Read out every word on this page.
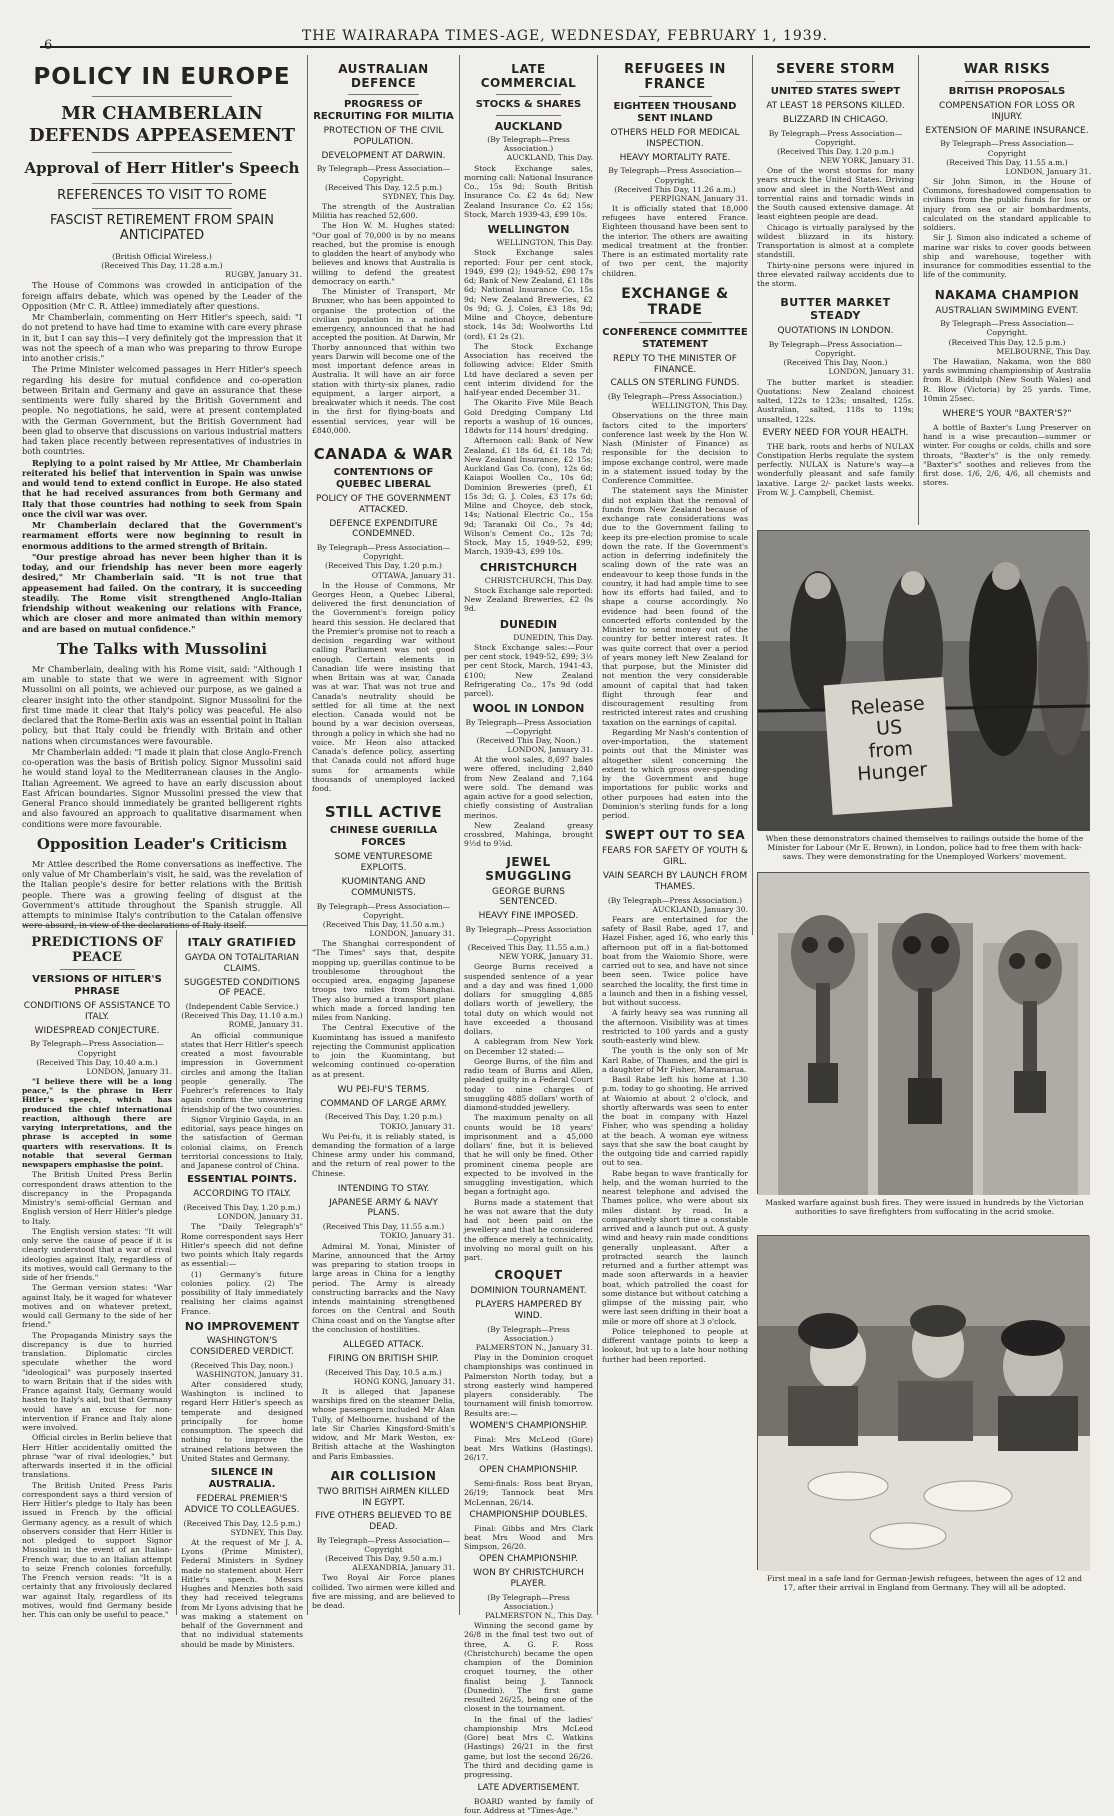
6
THE WAIRARAPA TIMES-AGE, WEDNESDAY, FEBRUARY 1, 1939.
POLICY IN EUROPE
MR CHAMBERLAIN DEFENDS APPEASEMENT
Approval of Herr Hitler's Speech
REFERENCES TO VISIT TO ROME
FASCIST RETIREMENT FROM SPAIN ANTICIPATED
(British Official Wireless.)
(Received This Day, 11.28 a.m.)
RUGBY, January 31.

The House of Commons was crowded in anticipation of the foreign affairs debate, which was opened by the Leader of the Opposition (Mr C. R. Attlee) immediately after questions.

Mr Chamberlain, commenting on Herr Hitler's speech, said: "I do not pretend to have had time to examine with care every phrase in it, but I can say this—I very definitely got the impression that it was not the speech of a man who was preparing to throw Europe into another crisis."

The Prime Minister welcomed passages in Herr Hitler's speech regarding his desire for mutual confidence and co-operation between Britain and Germany and gave an assurance that these sentiments were fully shared by the British Government and people. No negotiations, he said, were at present contemplated with the German Government, but the British Government had been glad to observe that discussions on various industrial matters had taken place recently between representatives of industries in both countries.

Replying to a point raised by Mr Attlee, Mr Chamberlain reiterated his belief that intervention in Spain was unwise and would tend to extend conflict in Europe. He also stated that he had received assurances from both Germany and Italy that those countries had nothing to seek from Spain once the civil war was over.

Mr Chamberlain declared that the Government's rearmament efforts were now beginning to result in enormous additions to the armed strength of Britain.

"Our prestige abroad has never been higher than it is today, and our friendship has never been more eagerly desired," Mr Chamberlain said. "It is not true that appeasement had failed. On the contrary, it is succeeding steadily. The Rome visit strengthened Anglo-Italian friendship without weakening our relations with France, which are closer and more animated than within memory and are based on mutual confidence."

The Talks with Mussolini

Mr Chamberlain, dealing with his Rome visit, said: "Although I am unable to state that we were in agreement with Signor Mussolini on all points, we achieved our purpose, as we gained a clearer insight into the other standpoint. Signor Mussolini for the first time made it clear that Italy's policy was peaceful. He also declared that the Rome-Berlin axis was an essential point in Italian policy, but that Italy could be friendly with Britain and other nations when circumstances were favourable.

Mr Chamberlain added: "I made it plain that close Anglo-French co-operation was the basis of British policy. Signor Mussolini said he would stand loyal to the Mediterranean clauses in the Anglo-Italian Agreement. We agreed to have an early discussion about East African boundaries. Signor Mussolini pressed the view that General Franco should immediately be granted belligerent rights and also favoured an approach to qualitative disarmament when conditions were more favourable.

Opposition Leader's Criticism

Mr Attlee described the Rome conversations as ineffective. The only value of Mr Chamberlain's visit, he said, was the revelation of the Italian people's desire for better relations with the British people. There was a growing feeling of disgust at the Government's attitude throughout the Spanish struggle. All attempts to minimise Italy's contribution to the Catalan offensive were absurd, in view of the declarations of Italy itself.

PREDICTIONS OF PEACE
VERSIONS OF HITLER'S PHRASE
CONDITIONS OF ASSISTANCE TO ITALY.
WIDESPREAD CONJECTURE.
By Telegraph—Press Association—Copyright
(Received This Day, 10.40 a.m.)
LONDON, January 31.

"I believe there will be a long peace," is the phrase in Herr Hitler's speech, which has produced the chief international reaction, although there are varying interpretations, and the phrase is accepted in some quarters with reservations. It is notable that several German newspapers emphasise the point.

The British United Press Berlin correspondent draws attention to the discrepancy in the Propaganda Ministry's semi-official German and English version of Herr Hitler's pledge to Italy.

The English version states: "It will only serve the cause of peace if it is clearly understood that a war of rival ideologies against Italy, regardless of its motives, would call Germany to the side of her friends."

The German version states: "War against Italy, be it waged for whatever motives and on whatever pretext, would call Germany to the side of her friend."

The Propaganda Ministry says the discrepancy is due to hurried translation. Diplomatic circles speculate whether the word "ideological" was purposely inserted to warn Britain that if the sides with France against Italy, Germany would hasten to Italy's aid, but that Germany would have an excuse for non-intervention if France and Italy alone were involved.

Official circles in Berlin believe that Herr Hitler accidentally omitted the phrase "war of rival ideologies," but afterwards inserted it in the official translations.

The British United Press Paris correspondent says a third version of Herr Hitler's pledge to Italy has been issued in French by the official Germany agency, as a result of which observers consider that Herr Hitler is not pledged to support Signor Mussolini in the event of an Italian-French war, due to an Italian attempt to seize French colonies forcefully. The French version reads: "It is a certainty that any frivolously declared war against Italy, regardless of its motives, would find Germany beside her. This can only be useful to peace."

ITALY GRATIFIED
GAYDA ON TOTALITARIAN CLAIMS.
SUGGESTED CONDITIONS OF PEACE.
(Independent Cable Service.)
(Received This Day, 11.10 a.m.)
ROME, January 31.

An official communique states that Herr Hitler's speech created a most favourable impression in Government circles and among the Italian people generally. The Fuehrer's references to Italy again confirm the unwavering friendship of the two countries.

Signor Virginio Gayda, in an editorial, says peace hinges on the satisfaction of German colonial claims, on French territorial concessions to Italy, and Japanese control of China.

ESSENTIAL POINTS.
ACCORDING TO ITALY.
(Received This Day, 1.20 p.m.)
LONDON, January 31.

The "Daily Telegraph's" Rome correspondent says Herr Hitler's speech did not define two points which Italy regards as essential:—

(1) Germany's future colonies policy. (2) The possibility of Italy immediately realising her claims against France.

NO IMPROVEMENT
WASHINGTON'S CONSIDERED VERDICT.
(Received This Day, noon.)
WASHINGTON, January 31.

After considered study, Washington is inclined to regard Herr Hitler's speech as temperate and designed principally for home consumption. The speech did nothing to improve the strained relations between the United States and Germany.

SILENCE IN AUSTRALIA.
FEDERAL PREMIER'S ADVICE TO COLLEAGUES.
(Received This Day, 12.5 p.m.)
SYDNEY, This Day.

At the request of Mr J. A. Lyons (Prime Minister), Federal Ministers in Sydney made no statement about Herr Hitler's speech. Messrs Hughes and Menzies both said they had received telegrams from Mr Lyons advising that he was making a statement on behalf of the Government and that no individual statements should be made by Ministers.

AUSTRALIAN DEFENCE
PROGRESS OF RECRUITING FOR MILITIA
PROTECTION OF THE CIVIL POPULATION.
DEVELOPMENT AT DARWIN.
By Telegraph—Press Association—Copyright.
(Received This Day, 12.5 p.m.)
SYDNEY, This Day.

The strength of the Australian Militia has reached 52,600.

The Hon W. M. Hughes stated: "Our goal of 70,000 is by no means reached, but the promise is enough to gladden the heart of anybody who believes and knows that Australia is willing to defend the greatest democracy on earth."

The Minister of Transport, Mr Bruxner, who has been appointed to organise the protection of the civilian population in a national emergency, announced that he had accepted the position. At Darwin, Mr Thorby announced that within two years Darwin will become one of the most important defence areas in Australia. It will have an air force station with thirty-six planes, radio equipment, a larger airport, a breakwater which it needs. The cost in the first for flying-boats and essential services, year will be £840,000.

CANADA & WAR
CONTENTIONS OF QUEBEC LIBERAL
POLICY OF THE GOVERNMENT ATTACKED.
DEFENCE EXPENDITURE CONDEMNED.
By Telegraph—Press Association—Copyright.
(Received This Day, 1.20 p.m.)
OTTAWA, January 31.

In the House of Commons, Mr Georges Heon, a Quebec Liberal, delivered the first denunciation of the Government's foreign policy heard this session. He declared that the Premier's promise not to reach a decision regarding war without calling Parliament was not good enough. Certain elements in Canadian life were insisting that when Britain was at war, Canada was at war. That was not true and Canada's neutrality should be settled for all time at the next election. Canada would not be bound by a war decision overseas, through a policy in which she had no voice. Mr Heon also attacked Canada's defence policy, asserting that Canada could not afford huge sums for armaments while thousands of unemployed lacked food.

STILL ACTIVE
CHINESE GUERILLA FORCES
SOME VENTURESOME EXPLOITS.
KUOMINTANG AND COMMUNISTS.
By Telegraph—Press Association—Copyright.
(Received This Day, 11.50 a.m.)
LONDON, January 31.

The Shanghai correspondent of "The Times" says that, despite mopping up, guerillas continue to be troublesome throughout the occupied area, engaging Japanese troops two miles from Shanghai. They also burned a transport plane which made a forced landing ten miles from Nanking.

The Central Executive of the Kuomintang has issued a manifesto rejecting the Communist application to join the Kuomintang, but welcoming continued co-operation as at present.

WU PEI-FU'S TERMS.
COMMAND OF LARGE ARMY.
(Received This Day, 1.20 p.m.)
TOKIO, January 31.

Wu Pei-fu, it is reliably stated, is demanding the formation of a large Chinese army under his command, and the return of real power to the Chinese.

INTENDING TO STAY.
JAPANESE ARMY & NAVY PLANS.
(Received This Day, 11.55 a.m.)
TOKIO, January 31.

Admiral M. Yonai, Minister of Marine, announced that the Army was preparing to station troops in large areas in China for a lengthy period. The Army is already constructing barracks and the Navy intends maintaining strengthened forces on the Central and South China coast and on the Yangtse after the conclusion of hostilities.

ALLEGED ATTACK.
FIRING ON BRITISH SHIP.
(Received This Day, 10.5 a.m.)
HONG KONG, January 31.

It is alleged that Japanese warships fired on the steamer Delia, whose passengers included Mr Alan Tully, of Melbourne, husband of the late Sir Charles Kingsford-Smith's widow, and Mr Mark Weston, ex-British attache at the Washington and Paris Embassies.

AIR COLLISION
TWO BRITISH AIRMEN KILLED IN EGYPT.
FIVE OTHERS BELIEVED TO BE DEAD.
By Telegraph—Press Association—Copyright
(Received This Day, 9.50 a.m.)
ALEXANDRIA, January 31.

Two Royal Air Force planes collided. Two airmen were killed and five are missing, and are believed to be dead.

LATE COMMERCIAL
STOCKS & SHARES
AUCKLAND
(By Telegraph—Press Association.)
AUCKLAND, This Day.

Stock Exchange sales, morning call: National Insurance Co., 15s 9d; South British Insurance Co. £2 4s 6d; New Zealand Insurance Co. £2 15s; Stock, March 1939-43, £99 10s.

WELLINGTON
WELLINGTON, This Day.

Stock Exchange sales reported: Four per cent stock, 1949, £99 (2); 1949-52, £98 17s 6d; Bank of New Zealand, £1 18s 6d; National Insurance Co. 15s 9d; New Zealand Breweries, £2 0s 9d; G. J. Coles, £3 18s 9d; Milne and Choyce, debenture stock, 14s 3d; Woolworths Ltd (ord), £1 2s (2).

The Stock Exchange Association has received the following advice: Elder Smith Ltd have declared a seven per cent interim dividend for the half-year ended December 31.

The Okarito Five Mile Beach Gold Dredging Company Ltd reports a washup of 16 ounces, 18dwts for 114 hours' dredging.

Afternoon call: Bank of New Zealand, £1 18s 6d, £1 18s 7d; New Zealand Insurance, £2 15s; Auckland Gas Co. (con), 12s 6d; Kaiapoi Woollen Co., 10s 6d; Dominion Breweries (pref), £1 15s 3d; G. J. Coles, £3 17s 6d; Milne and Choyce, deb stock, 14s; National Electric Co., 15s 9d; Taranaki Oil Co., 7s 4d; Wilson's Cement Co., 12s 7d; Stock, May 15, 1949-52, £99; March, 1939-43, £99 10s.

CHRISTCHURCH
CHRISTCHURCH, This Day.

Stock Exchange sale reported: New Zealand Breweries, £2 0s 9d.

DUNEDIN
DUNEDIN, This Day.

Stock Exchange sales:—Four per cent stock, 1949-52, £99; 3½ per cent Stock, March, 1941-43, £100; New Zealand Refrigerating Co., 17s 9d (odd parcel).

WOOL IN LONDON
By Telegraph—Press Association—Copyright
(Received This Day, Noon.)
LONDON, January 31.

At the wool sales, 8,697 bales were offered, including 2,840 from New Zealand and 7,164 were sold. The demand was again active for a good selection, chiefly consisting of Australian merinos.

New Zealand greasy crossbred, Mahinga, brought 9½d to 9⅞d.

JEWEL SMUGGLING
GEORGE BURNS SENTENCED.
HEAVY FINE IMPOSED.
By Telegraph—Press Association—Copyright
(Received This Day, 11.55 a.m.)
NEW YORK, January 31.

George Burns received a suspended sentence of a year and a day and was fined 1,000 dollars for smuggling 4,885 dollars worth of jewellery, the total duty on which would not have exceeded a thousand dollars.

A cablegram from New York on December 12 stated:—

George Burns, of the film and radio team of Burns and Allen, pleaded guilty in a Federal Court today to nine charges of smuggling 4885 dollars' worth of diamond-studded jewellery.

The maximum penalty on all counts would be 18 years' imprisonment and a 45,000 dollars' fine, but it is believed that he will only be fined. Other prominent cinema people are expected to be involved in the smuggling investigation, which began a fortnight ago.

Burns made a statement that he was not aware that the duty had not been paid on the jewellery and that he considered the offence merely a technicality, involving no moral guilt on his part.

CROQUET
DOMINION TOURNAMENT.
PLAYERS HAMPERED BY WIND.
(By Telegraph—Press Association.)
PALMERSTON N., January 31.

Play in the Dominion croquet championships was continued in Palmerston North today, but a strong easterly wind hampered players considerably. The tournament will finish tomorrow. Results are:—

WOMEN'S CHAMPIONSHIP.

Final: Mrs McLeod (Gore) beat Mrs Watkins (Hastings), 26/17.

OPEN CHAMPIONSHIP.

Semi-finals: Ross beat Bryan, 26/19; Tannock beat Mrs McLennan, 26/14.

CHAMPIONSHIP DOUBLES.

Final: Gibbs and Mrs Clark beat Mrs Wood and Mrs Simpson, 26/20.

OPEN CHAMPIONSHIP.
WON BY CHRISTCHURCH PLAYER.
(By Telegraph—Press Association.)
PALMERSTON N., This Day.

Winning the second game by 26/8 in the final test two out of three, A. G. F. Ross (Christchurch) became the open champion of the Dominion croquet tourney, the other finalist being J. Tannock (Dunedin). The first game resulted 26/25, being one of the closest in the tournament.

In the final of the ladies' championship Mrs McLeod (Gore) beat Mrs C. Watkins (Hastings) 26/21 in the first game, but lost the second 26/26. The third and deciding game is progressing.

LATE ADVERTISEMENT.

BOARD wanted by family of four. Address at "Times-Age."

REFUGEES IN FRANCE
EIGHTEEN THOUSAND SENT INLAND
OTHERS HELD FOR MEDICAL INSPECTION.
HEAVY MORTALITY RATE.
By Telegraph—Press Association—Copyright.
(Received This Day, 11.26 a.m.)
PERPIGNAN, January 31.

It is officially stated that 18,000 refugees have entered France. Eighteen thousand have been sent to the interior. The others are awaiting medical treatment at the frontier. There is an estimated mortality rate of two per cent, the majority children.

EXCHANGE & TRADE
CONFERENCE COMMITTEE STATEMENT
REPLY TO THE MINISTER OF FINANCE.
CALLS ON STERLING FUNDS.
(By Telegraph—Press Association.)
WELLINGTON, This Day.

Observations on the three main factors cited to the importers' conference last week by the Hon W. Nash (Minister of Finance) as responsible for the decision to impose exchange control, were made in a statement issued today by the Conference Committee.

The statement says the Minister did not explain that the removal of funds from New Zealand because of exchange rate considerations was due to the Government failing to keep its pre-election promise to scale down the rate. If the Government's action in deferring indefinitely the scaling down of the rate was an endeavour to keep those funds in the country, it had had ample time to see how its efforts had failed, and to shape a course accordingly. No evidence had been found of the concerted efforts contended by the Minister to send money out of the country for better interest rates. It was quite correct that over a period of years money left New Zealand for that purpose, but the Minister did not mention the very considerable amount of capital that had taken flight through fear and discouragement resulting from restricted interest rates and crushing taxation on the earnings of capital.

Regarding Mr Nash's contention of over-importation, the statement points out that the Minister was altogether silent concerning the extent to which gross over-spending by the Government and huge importations for public works and other purposes had eaten into the Dominion's sterling funds for a long period.

SWEPT OUT TO SEA
FEARS FOR SAFETY OF YOUTH & GIRL.
VAIN SEARCH BY LAUNCH FROM THAMES.
(By Telegraph—Press Association.)
AUCKLAND, January 30.

Fears are entertained for the safety of Basil Rabe, aged 17, and Hazel Fisher, aged 16, who early this afternoon put off in a flat-bottomed boat from the Waiomio Shore, were carried out to sea, and have not since been seen. Twice police have searched the locality, the first time in a launch and then in a fishing vessel, but without success.

A fairly heavy sea was running all the afternoon. Visibility was at times restricted to 100 yards and a gusty south-easterly wind blew.

The youth is the only son of Mr Karl Rabe, of Thames, and the girl is a daughter of Mr Fisher, Maramarua.

Basil Rabe left his home at 1.30 p.m. today to go shooting. He arrived at Waiomio at about 2 o'clock, and shortly afterwards was seen to enter the boat in company with Hazel Fisher, who was spending a holiday at the beach. A woman eye witness says that she saw the boat caught by the outgoing tide and carried rapidly out to sea.

Rabe began to wave frantically for help, and the woman hurried to the nearest telephone and advised the Thames police, who were about six miles distant by road. In a comparatively short time a constable arrived and a launch put out. A gusty wind and heavy rain made conditions generally unpleasant. After a protracted search the launch returned and a further attempt was made soon afterwards in a heavier boat, which patrolled the coast for some distance but without catching a glimpse of the missing pair, who were last seen drifting in their boat a mile or more off shore at 3 o'clock.

Police telephoned to people at different vantage points to keep a lookout, but up to a late hour nothing further had been reported.

SEVERE STORM
UNITED STATES SWEPT
AT LEAST 18 PERSONS KILLED.
BLIZZARD IN CHICAGO.
By Telegraph—Press Association—Copyright.
(Received This Day, 1.20 p.m.)
NEW YORK, January 31.

One of the worst storms for many years struck the United States. Driving snow and sleet in the North-West and torrential rains and tornadic winds in the South caused extensive damage. At least eighteen people are dead.

Chicago is virtually paralysed by the wildest blizzard in its history. Transportation is almost at a complete standstill.

Thirty-nine persons were injured in three elevated railway accidents due to the storm.

BUTTER MARKET STEADY
QUOTATIONS IN LONDON.
By Telegraph—Press Association—Copyright.
(Received This Day, Noon.)
LONDON, January 31.

The butter market is steadier. Quotations: New Zealand choicest salted, 122s to 123s; unsalted, 125s. Australian, salted, 118s to 119s; unsalted, 122s.

EVERY NEED FOR YOUR HEALTH.

THE bark, roots and herbs of NULAX Constipation Herbs regulate the system perfectly. NULAX is Nature's way—a wonderfully pleasant and safe family laxative. Large 2/- packet lasts weeks. From W. J. Campbell, Chemist.

WAR RISKS
BRITISH PROPOSALS
COMPENSATION FOR LOSS OR INJURY.
EXTENSION OF MARINE INSURANCE.
By Telegraph—Press Association—Copyright
(Received This Day, 11.55 a.m.)
LONDON, January 31.

Sir John Simon, in the House of Commons, foreshadowed compensation to civilians from the public funds for loss or injury from sea or air bombardments, calculated on the standard applicable to soldiers.

Sir J. Simon also indicated a scheme of marine war risks to cover goods between ship and warehouse, together with insurance for commodities essential to the life of the community.

NAKAMA CHAMPION
AUSTRALIAN SWIMMING EVENT.
By Telegraph—Press Association—Copyright.
(Received This Day, 12.5 p.m.)
MELBOURNE, This Day.

The Hawaiian, Nakama, won the 880 yards swimming championship of Australia from R. Biddulph (New South Wales) and R. Blow (Victoria) by 25 yards. Time, 10min 25sec.

WHERE'S YOUR "BAXTER'S?"

A bottle of Baxter's Lung Preserver on hand is a wise precaution—summer or winter. For coughs or colds, chills and sore throats, "Baxter's" is the only remedy. "Baxter's" soothes and relieves from the first dose. 1/6, 2/6, 4/6, all chemists and stores.

Release US from Hunger
When these demonstrators chained themselves to railings outside the home of the Minister for Labour (Mr E. Brown), in London, police had to free them with hack-saws. They were demonstrating for the Unemployed Workers' movement.
Masked warfare against bush fires. They were issued in hundreds by the Victorian authorities to save firefighters from suffocating in the acrid smoke.
First meal in a safe land for German-Jewish refugees, between the ages of 12 and 17, after their arrival in England from Germany. They will all be adopted.
